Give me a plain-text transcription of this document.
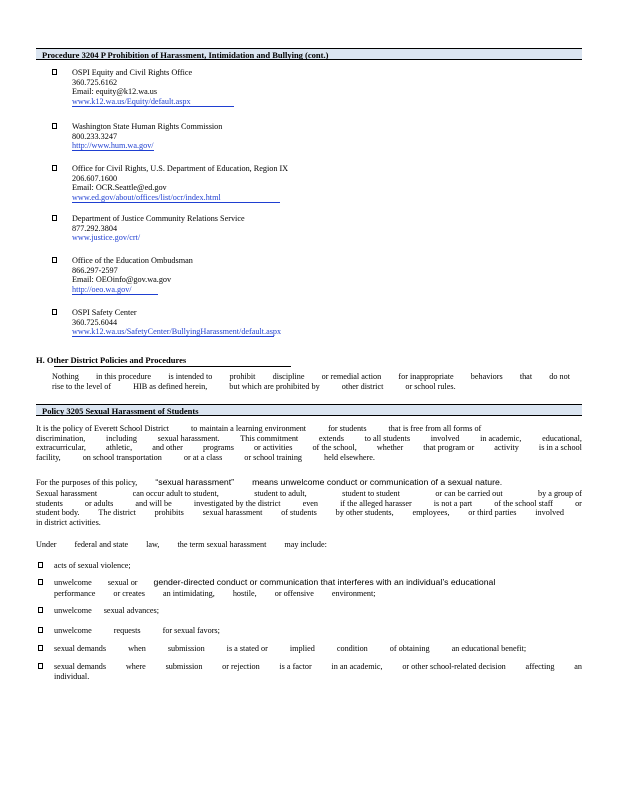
Procedure 3204 P Prohibition of Harassment, Intimidation and Bullying (cont.)
OSPI Equity and Civil Rights Office
360.725.6162
Email: equity@k12.wa.us
www.k12.wa.us/Equity/default.aspx
Washington State Human Rights Commission
800.233.3247
http://www.hum.wa.gov/
Office for Civil Rights, U.S. Department of Education, Region IX
206.607.1600
Email: OCR.Seattle@ed.gov
www.ed.gov/about/offices/list/ocr/index.html
Department of Justice Community Relations Service
877.292.3804
www.justice.gov/crt/
Office of the Education Ombudsman
866.297-2597
Email: OEOinfo@gov.wa.gov
http://oeo.wa.gov/
OSPI Safety Center
360.725.6044
www.k12.wa.us/SafetyCenter/BullyingHarassment/default.aspx
H. Other District Policies and Procedures
Nothing in this procedure is intended to prohibit discipline or remedial action for inappropriate behaviors that do not
rise to the level of	HIB as defined herein,	but which are prohibited by	other district	or school rules.
Policy 3205 Sexual Harassment of Students
It is the policy of Everett School District	to maintain a learning environment	for students	that is free from all forms of
discrimination,	including	sexual harassment.	This commitment	extends	to all students	involved	in academic,	educational,
extracurricular, athletic, and other programs or activities of the school, whether that program or activity is in a school
facility,	on school transportation	or at a class	or school training	held elsewhere.
For the purposes of this policy, “sexual harassment” means unwelcome conduct or communication of a sexual nature.
Sexual harassment	can occur adult to student,	student to adult,	student to student	or can be carried out	by a group of
students	or adults	and will be	investigated by the district	even	if the alleged harasser	is not a part	of the school staff	or
student body. The district prohibits sexual harassment of students by other students, employees, or third parties involved
in district activities.
Under federal and state law, the term sexual harassment may include:
acts of sexual violence;
unwelcome sexual or gender-directed conduct or communication that interferes with an individual’s educational
performance or creates an intimidating, hostile, or offensive environment;
unwelcome sexual advances;
unwelcome	requests	for sexual favors;
sexual demands	when	submission	is a stated or	implied	condition	of obtaining	an educational benefit;
sexual demands where submission or rejection is a factor in an academic, or other school-related decision affecting an
individual.
